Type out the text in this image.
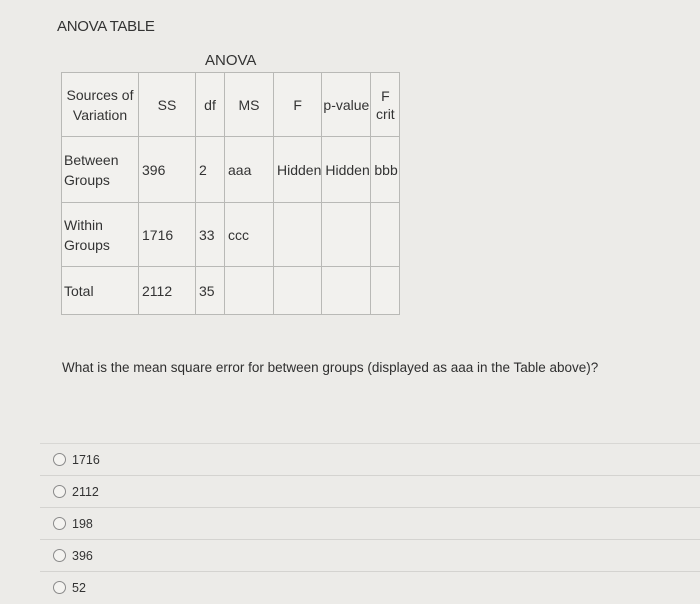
ANOVA TABLE
ANOVA
Sources of Variation	SS	df	MS	F	p-value	F crit
Between Groups	396	2	aaa	Hidden	Hidden	bbb
Within Groups	1716	33	ccc			
Total	2112	35				
What is the mean square error for between groups (displayed as aaa in the Table above)?
1716
2112
198
396
52
